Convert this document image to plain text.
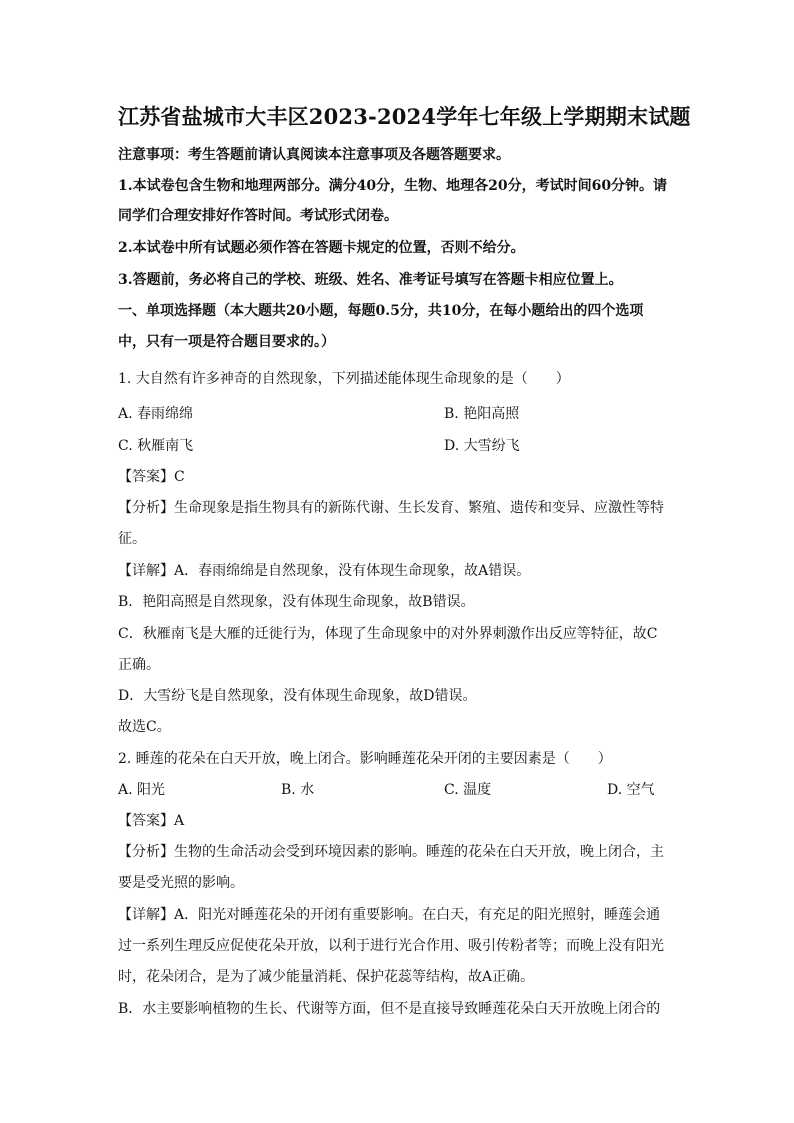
江苏省盐城市大丰区2023-2024学年七年级上学期期末试题
注意事项：考生答题前请认真阅读本注意事项及各题答题要求。
1.本试卷包含生物和地理两部分。满分40分，生物、地理各20分，考试时间60分钟。请
同学们合理安排好作答时间。考试形式闭卷。
2.本试卷中所有试题必须作答在答题卡规定的位置，否则不给分。
3.答题前，务必将自己的学校、班级、姓名、准考证号填写在答题卡相应位置上。
一、单项选择题（本大题共20小题，每题0.5分，共10分，在每小题给出的四个选项
中，只有一项是符合题目要求的。）
1. 大自然有许多神奇的自然现象，下列描述能体现生命现象的是（　　）
A. 春雨绵绵	B. 艳阳高照
C. 秋雁南飞	D. 大雪纷飞
【答案】C
【分析】生命现象是指生物具有的新陈代谢、生长发育、繁殖、遗传和变异、应激性等特
征。
【详解】A．春雨绵绵是自然现象，没有体现生命现象，故A错误。
B．艳阳高照是自然现象，没有体现生命现象，故B错误。
C．秋雁南飞是大雁的迁徙行为，体现了生命现象中的对外界刺激作出反应等特征，故C
正确。
D．大雪纷飞是自然现象，没有体现生命现象，故D错误。
故选C。
2. 睡莲的花朵在白天开放，晚上闭合。影响睡莲花朵开闭的主要因素是（　　）
A. 阳光	B. 水	C. 温度	D. 空气
【答案】A
【分析】生物的生命活动会受到环境因素的影响。睡莲的花朵在白天开放，晚上闭合，主
要是受光照的影响。
【详解】A．阳光对睡莲花朵的开闭有重要影响。在白天，有充足的阳光照射，睡莲会通
过一系列生理反应促使花朵开放，以利于进行光合作用、吸引传粉者等；而晚上没有阳光
时，花朵闭合，是为了减少能量消耗、保护花蕊等结构，故A正确。
B．水主要影响植物的生长、代谢等方面，但不是直接导致睡莲花朵白天开放晚上闭合的
